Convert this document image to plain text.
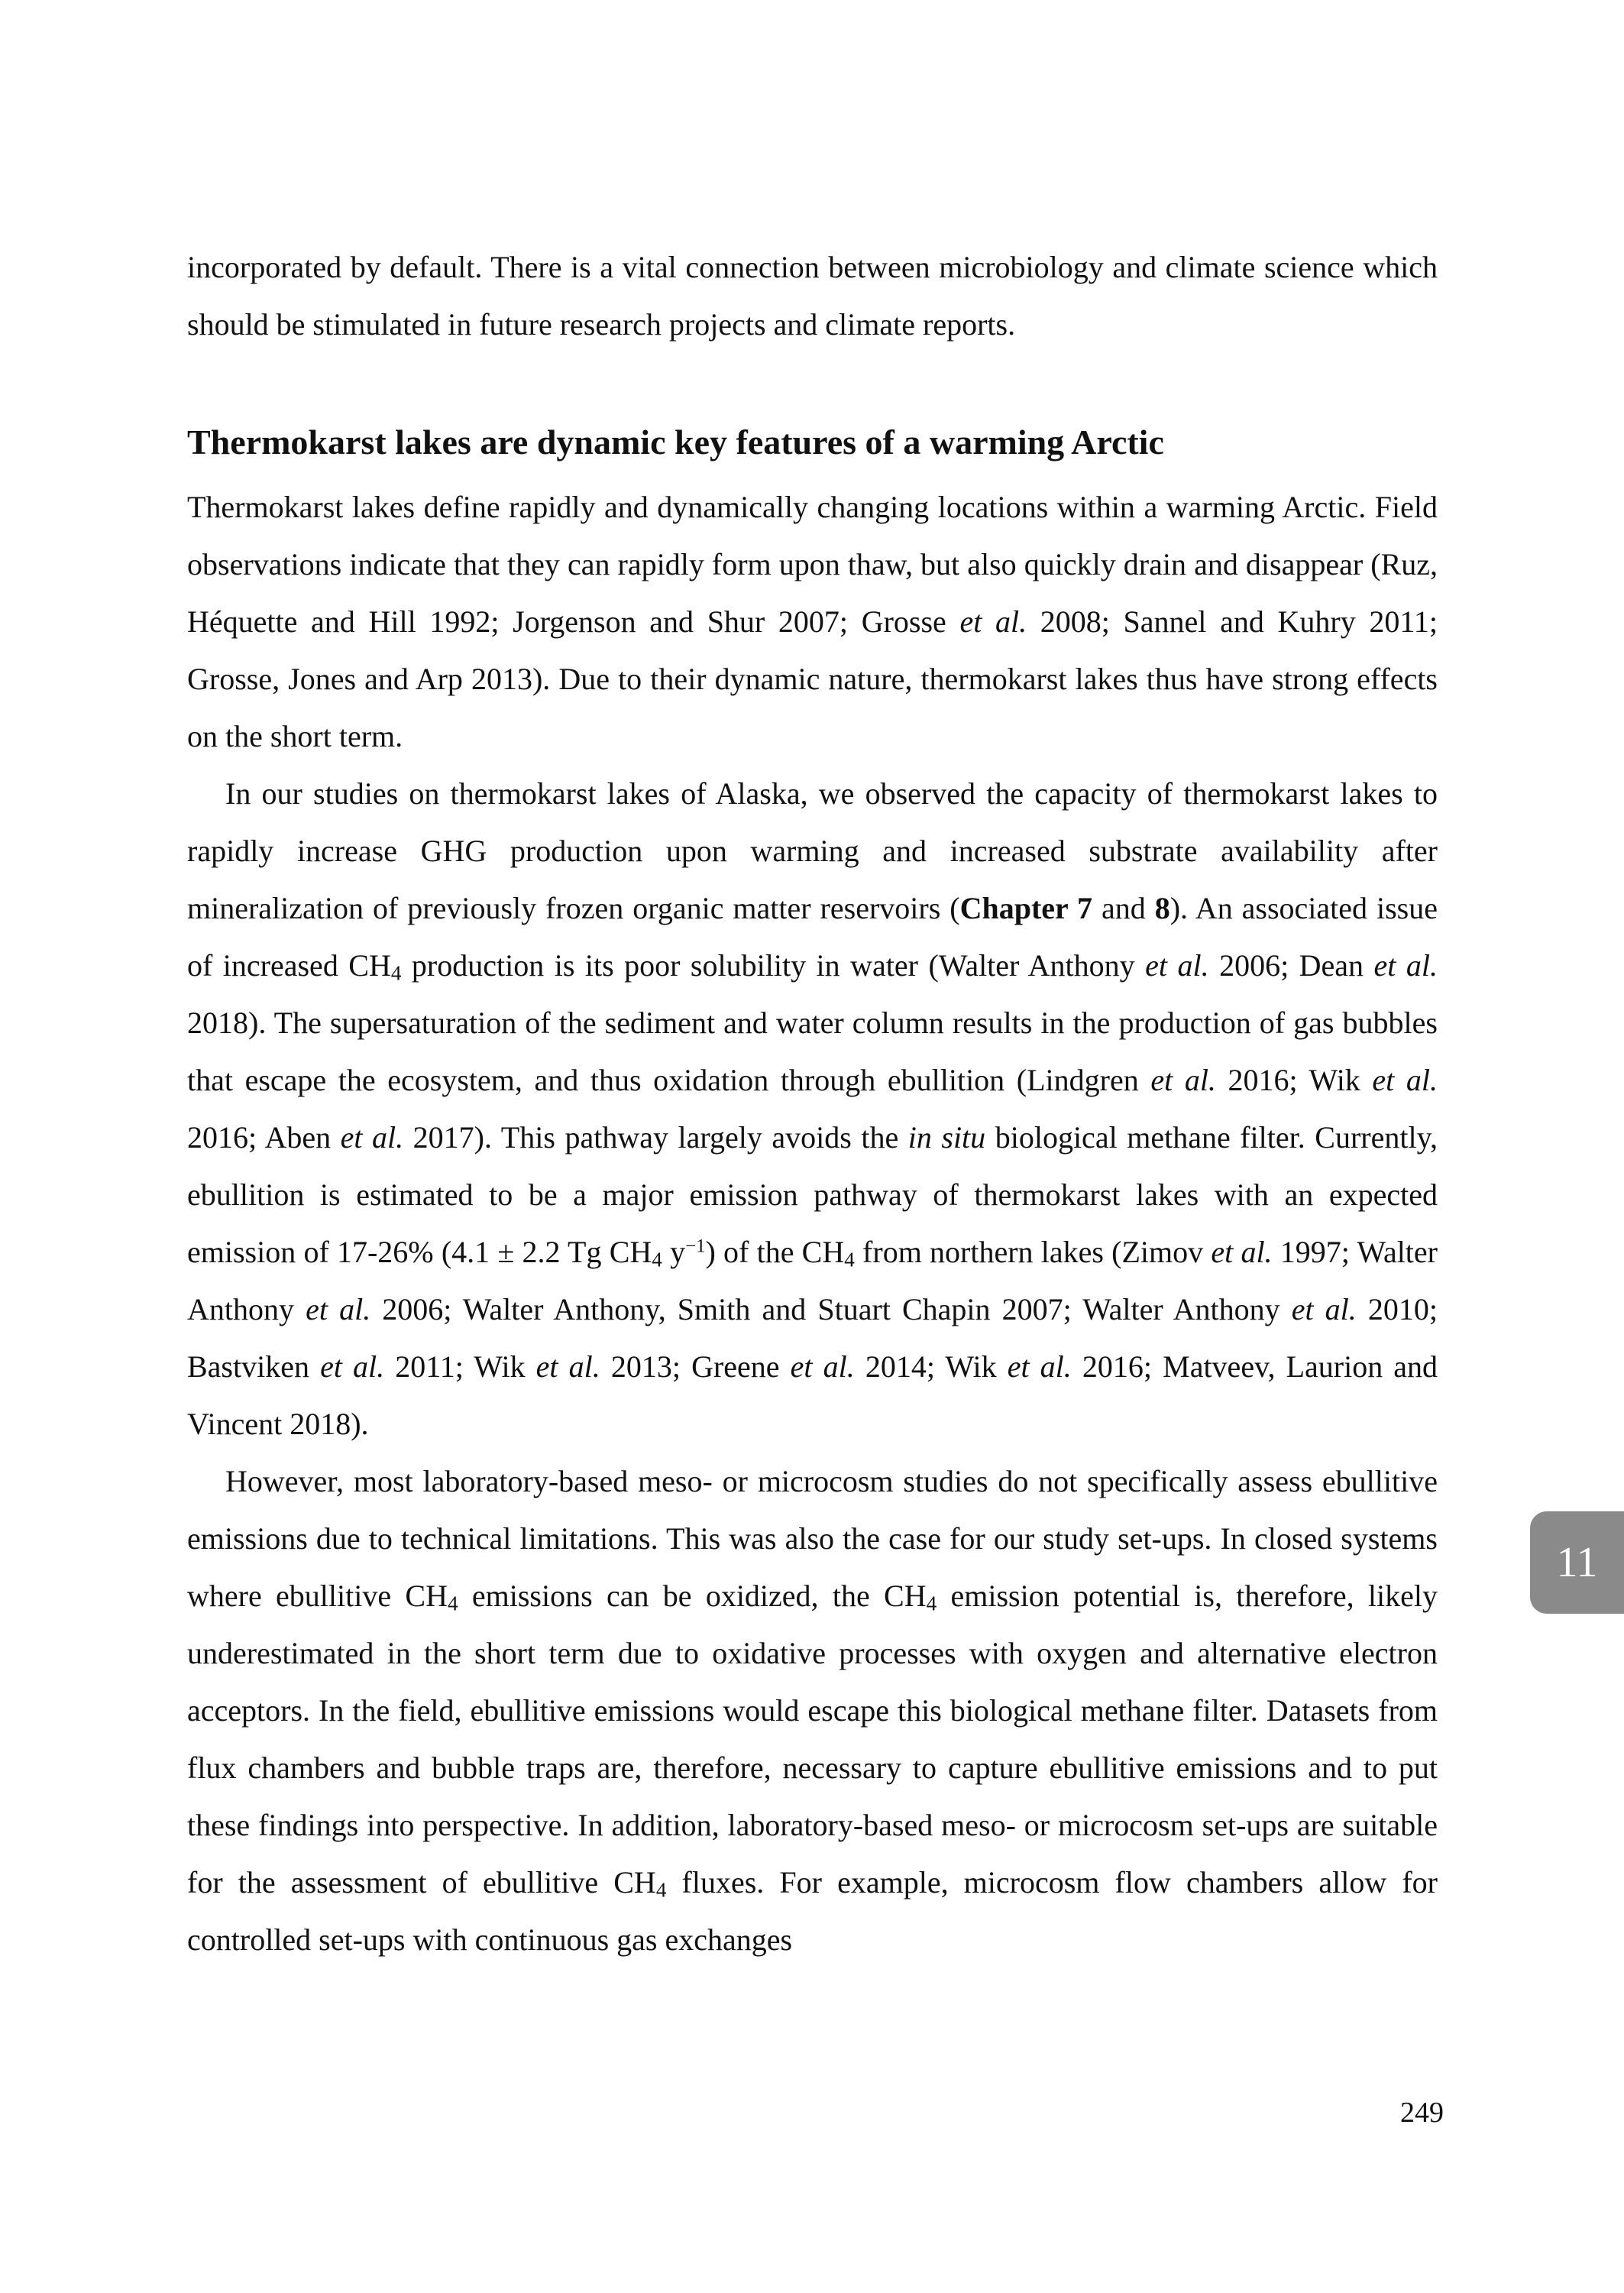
incorporated by default. There is a vital connection between microbiology and climate science which should be stimulated in future research projects and climate reports.

Thermokarst lakes are dynamic key features of a warming Arctic

Thermokarst lakes define rapidly and dynamically changing locations within a warming Arctic. Field observations indicate that they can rapidly form upon thaw, but also quickly drain and disappear (Ruz, Héquette and Hill 1992; Jorgenson and Shur 2007; Grosse et al. 2008; Sannel and Kuhry 2011; Grosse, Jones and Arp 2013). Due to their dynamic nature, thermokarst lakes thus have strong effects on the short term.

In our studies on thermokarst lakes of Alaska, we observed the capacity of thermokarst lakes to rapidly increase GHG production upon warming and increased substrate availability after mineralization of previously frozen organic matter reservoirs (Chapter 7 and 8). An associated issue of increased $CH_4$ production is its poor solubility in water (Walter Anthony et al. 2006; Dean et al. 2018). The supersaturation of the sediment and water column results in the production of gas bubbles that escape the ecosystem, and thus oxidation through ebullition (Lindgren et al. 2016; Wik et al. 2016; Aben et al. 2017). This pathway largely avoids the in situ biological methane filter. Currently, ebullition is estimated to be a major emission pathway of thermokarst lakes with an expected emission of 17-26% (4.1 ± 2.2 Tg $CH_4$ $y^{-1}$) of the $CH_4$ from northern lakes (Zimov et al. 1997; Walter Anthony et al. 2006; Walter Anthony, Smith and Stuart Chapin 2007; Walter Anthony et al. 2010; Bastviken et al. 2011; Wik et al. 2013; Greene et al. 2014; Wik et al. 2016; Matveev, Laurion and Vincent 2018).

However, most laboratory-based meso- or microcosm studies do not specifically assess ebullitive emissions due to technical limitations. This was also the case for our study set-ups. In closed systems where ebullitive $CH_4$ emissions can be oxidized, the $CH_4$ emission potential is, therefore, likely underestimated in the short term due to oxidative processes with oxygen and alternative electron acceptors. In the field, ebullitive emissions would escape this biological methane filter. Datasets from flux chambers and bubble traps are, therefore, necessary to capture ebullitive emissions and to put these findings into perspective. In addition, laboratory-based meso- or microcosm set-ups are suitable for the assessment of ebullitive $CH_4$ fluxes. For example, microcosm flow chambers allow for controlled set-ups with continuous gas exchanges

11
249
